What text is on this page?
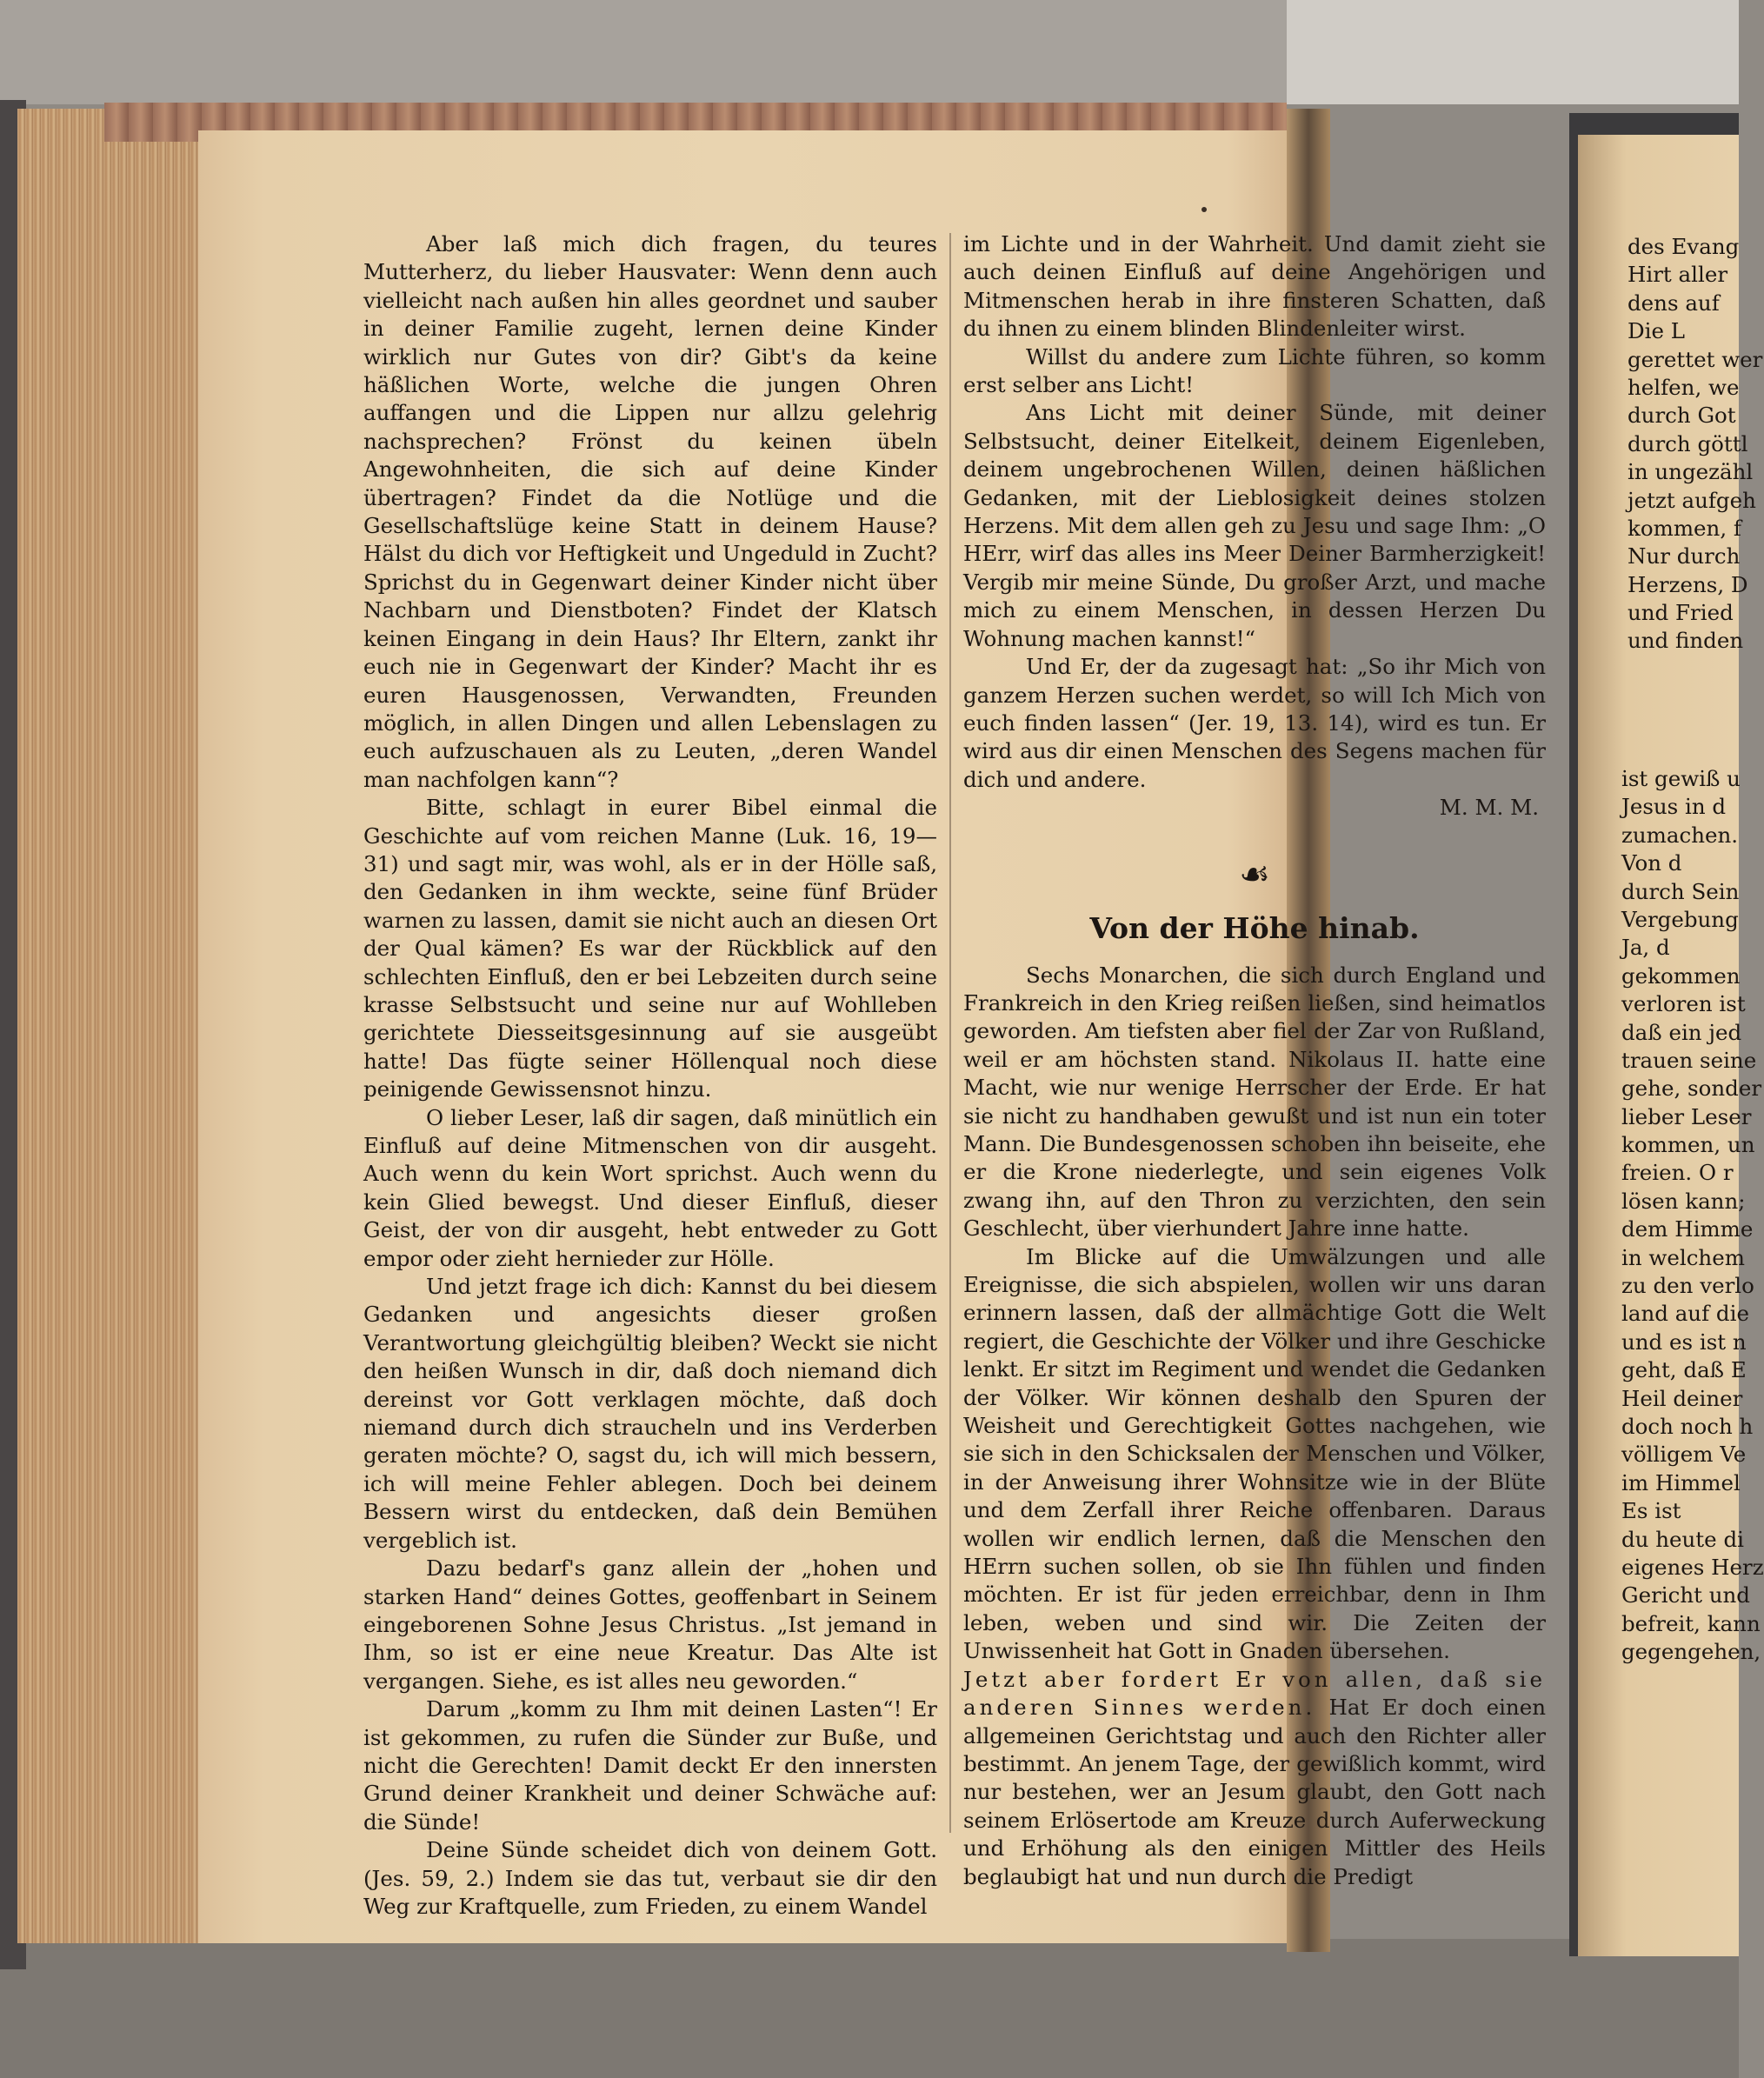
Aber laß mich dich fragen, du teures Mutterherz, du lieber Hausvater: Wenn denn auch vielleicht nach außen hin alles geordnet und sauber in deiner Familie zugeht, lernen deine Kinder wirklich nur Gutes von dir? Gibt's da keine häßlichen Worte, welche die jungen Ohren auffangen und die Lippen nur allzu gelehrig nachsprechen? Frönst du keinen übeln Angewohnheiten, die sich auf deine Kinder übertragen? Findet da die Notlüge und die Gesellschaftslüge keine Statt in deinem Hause? Hälst du dich vor Heftigkeit und Ungeduld in Zucht? Sprichst du in Gegenwart deiner Kinder nicht über Nachbarn und Dienstboten? Findet der Klatsch keinen Eingang in dein Haus? Ihr Eltern, zankt ihr euch nie in Gegenwart der Kinder? Macht ihr es euren Hausgenossen, Verwandten, Freunden möglich, in allen Dingen und allen Lebenslagen zu euch aufzuschauen als zu Leuten, „deren Wandel man nachfolgen kann“?

Bitte, schlagt in eurer Bibel einmal die Geschichte auf vom reichen Manne (Luk. 16, 19—31) und sagt mir, was wohl, als er in der Hölle saß, den Gedanken in ihm weckte, seine fünf Brüder warnen zu lassen, damit sie nicht auch an diesen Ort der Qual kämen? Es war der Rückblick auf den schlechten Einfluß, den er bei Lebzeiten durch seine krasse Selbstsucht und seine nur auf Wohlleben gerichtete Diesseitsgesinnung auf sie ausgeübt hatte! Das fügte seiner Höllenqual noch diese peinigende Gewissensnot hinzu.

O lieber Leser, laß dir sagen, daß minütlich ein Einfluß auf deine Mitmenschen von dir ausgeht. Auch wenn du kein Wort sprichst. Auch wenn du kein Glied bewegst. Und dieser Einfluß, dieser Geist, der von dir ausgeht, hebt entweder zu Gott empor oder zieht hernieder zur Hölle.

Und jetzt frage ich dich: Kannst du bei diesem Gedanken und angesichts dieser großen Verantwortung gleichgültig bleiben? Weckt sie nicht den heißen Wunsch in dir, daß doch niemand dich dereinst vor Gott verklagen möchte, daß doch niemand durch dich straucheln und ins Verderben geraten möchte? O, sagst du, ich will mich bessern, ich will meine Fehler ablegen. Doch bei deinem Bessern wirst du entdecken, daß dein Bemühen vergeblich ist.

Dazu bedarf's ganz allein der „hohen und starken Hand“ deines Gottes, geoffenbart in Seinem eingeborenen Sohne Jesus Christus. „Ist jemand in Ihm, so ist er eine neue Kreatur. Das Alte ist vergangen. Siehe, es ist alles neu geworden.“

Darum „komm zu Ihm mit deinen Lasten“! Er ist gekommen, zu rufen die Sünder zur Buße, und nicht die Gerechten! Damit deckt Er den innersten Grund deiner Krankheit und deiner Schwäche auf: die Sünde!

Deine Sünde scheidet dich von deinem Gott. (Jes. 59, 2.) Indem sie das tut, verbaut sie dir den Weg zur Kraftquelle, zum Frieden, zu einem Wandel

im Lichte und in der Wahrheit. Und damit zieht sie auch deinen Einfluß auf deine Angehörigen und Mitmenschen herab in ihre finsteren Schatten, daß du ihnen zu einem blinden Blindenleiter wirst.

Willst du andere zum Lichte führen, so komm erst selber ans Licht!

Ans Licht mit deiner Sünde, mit deiner Selbstsucht, deiner Eitelkeit, deinem Eigenleben, deinem ungebrochenen Willen, deinen häßlichen Gedanken, mit der Lieblosigkeit deines stolzen Herzens. Mit dem allen geh zu Jesu und sage Ihm: „O HErr, wirf das alles ins Meer Deiner Barmherzigkeit! Vergib mir meine Sünde, Du großer Arzt, und mache mich zu einem Menschen, in dessen Herzen Du Wohnung machen kannst!“

Und Er, der da zugesagt hat: „So ihr Mich von ganzem Herzen suchen werdet, so will Ich Mich von euch finden lassen“ (Jer. 19, 13. 14), wird es tun. Er wird aus dir einen Menschen des Segens machen für dich und andere.

M. M. M.
☙
Von der Höhe hinab.

Sechs Monarchen, die sich durch England und Frankreich in den Krieg reißen ließen, sind heimatlos geworden. Am tiefsten aber fiel der Zar von Rußland, weil er am höchsten stand. Nikolaus II. hatte eine Macht, wie nur wenige Herrscher der Erde. Er hat sie nicht zu handhaben gewußt und ist nun ein toter Mann. Die Bundesgenossen schoben ihn beiseite, ehe er die Krone niederlegte, und sein eigenes Volk zwang ihn, auf den Thron zu verzichten, den sein Geschlecht, über vierhundert Jahre inne hatte.

Im Blicke auf die Umwälzungen und alle Ereignisse, die sich abspielen, wollen wir uns daran erinnern lassen, daß der allmächtige Gott die Welt regiert, die Geschichte der Völker und ihre Geschicke lenkt. Er sitzt im Regiment und wendet die Gedanken der Völker. Wir können deshalb den Spuren der Weisheit und Gerechtigkeit Gottes nachgehen, wie sie sich in den Schicksalen der Menschen und Völker, in der Anweisung ihrer Wohnsitze wie in der Blüte und dem Zerfall ihrer Reiche offenbaren. Daraus wollen wir endlich lernen, daß die Menschen den HErrn suchen sollen, ob sie Ihn fühlen und finden möchten. Er ist für jeden erreichbar, denn in Ihm leben, weben und sind wir. Die Zeiten der Unwissenheit hat Gott in Gnaden übersehen.

Jetzt aber fordert Er von allen, daß sie anderen Sinnes werden. Hat Er doch einen allgemeinen Gerichtstag und auch den Richter aller bestimmt. An jenem Tage, der gewißlich kommt, wird nur bestehen, wer an Jesum glaubt, den Gott nach seinem Erlösertode am Kreuze durch Auferweckung und Erhöhung als den einigen Mittler des Heils beglaubigt hat und nun durch die Predigt

des Evang
Hirt aller
dens auf
Die L
gerettet wer
helfen, we
durch Got
durch göttl
in ungezähl
jetzt aufgeh
kommen, f
Nur durch
Herzens, D
und Fried
und finden
ist gewiß u
Jesus in d
zumachen.
Von d
durch Sein
Vergebung
Ja, d
gekommen
verloren ist
daß ein jed
trauen seine
gehe, sonder
lieber Leser
kommen, un
freien. O r
lösen kann;
dem Himme
in welchem
zu den verlo
land auf die
und es ist n
geht, daß E
Heil deiner
doch noch h
völligem Ve
im Himmel
Es ist
du heute di
eigenes Herz
Gericht und
befreit, kann
gegengehen,
